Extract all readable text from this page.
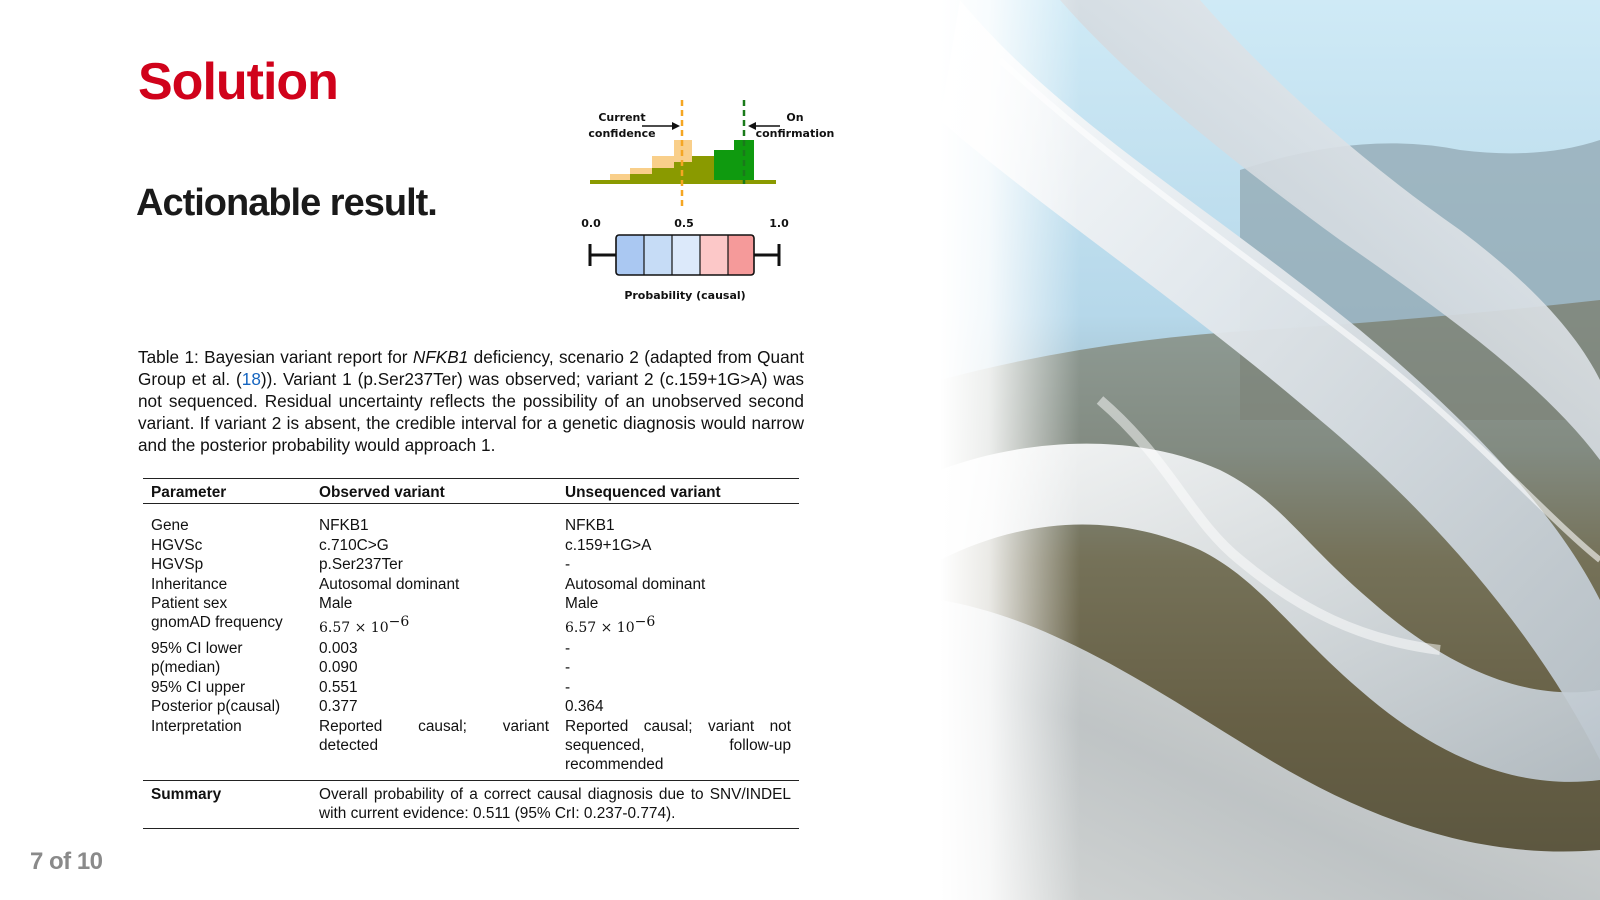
Solution
Actionable result.
Current
confidence
On
confirmation
0.0	0.5	1.0
Probability (causal)

Table 1: Bayesian variant report for NFKB1 deficiency, scenario 2 (adapted from Quant Group et al. (18)). Variant 1 (p.Ser237Ter) was observed; variant 2 (c.159+1G>A) was not sequenced. Residual uncertainty reflects the possibility of an unobserved second variant. If variant 2 is absent, the credible interval for a genetic diagnosis would narrow and the posterior probability would approach 1.

Parameter	Observed variant	Unsequenced variant
Gene	NFKB1	NFKB1
HGVSc	c.710C>G	c.159+1G>A
HGVSp	p.Ser237Ter	-
Inheritance	Autosomal dominant	Autosomal dominant
Patient sex	Male	Male
gnomAD frequency	$6.57 \times 10^{-6}$	$6.57 \times 10^{-6}$
95% CI lower	0.003	-
p(median)	0.090	-
95% CI upper	0.551	-
Posterior p(causal)	0.377	0.364
Interpretation	Reported causal; variant detected	Reported causal; variant not sequenced, follow-up recommended
Summary	Overall probability of a correct causal diagnosis due to SNV/INDEL with current evidence: 0.511 (95% CrI: 0.237-0.774).	
7 of 10
